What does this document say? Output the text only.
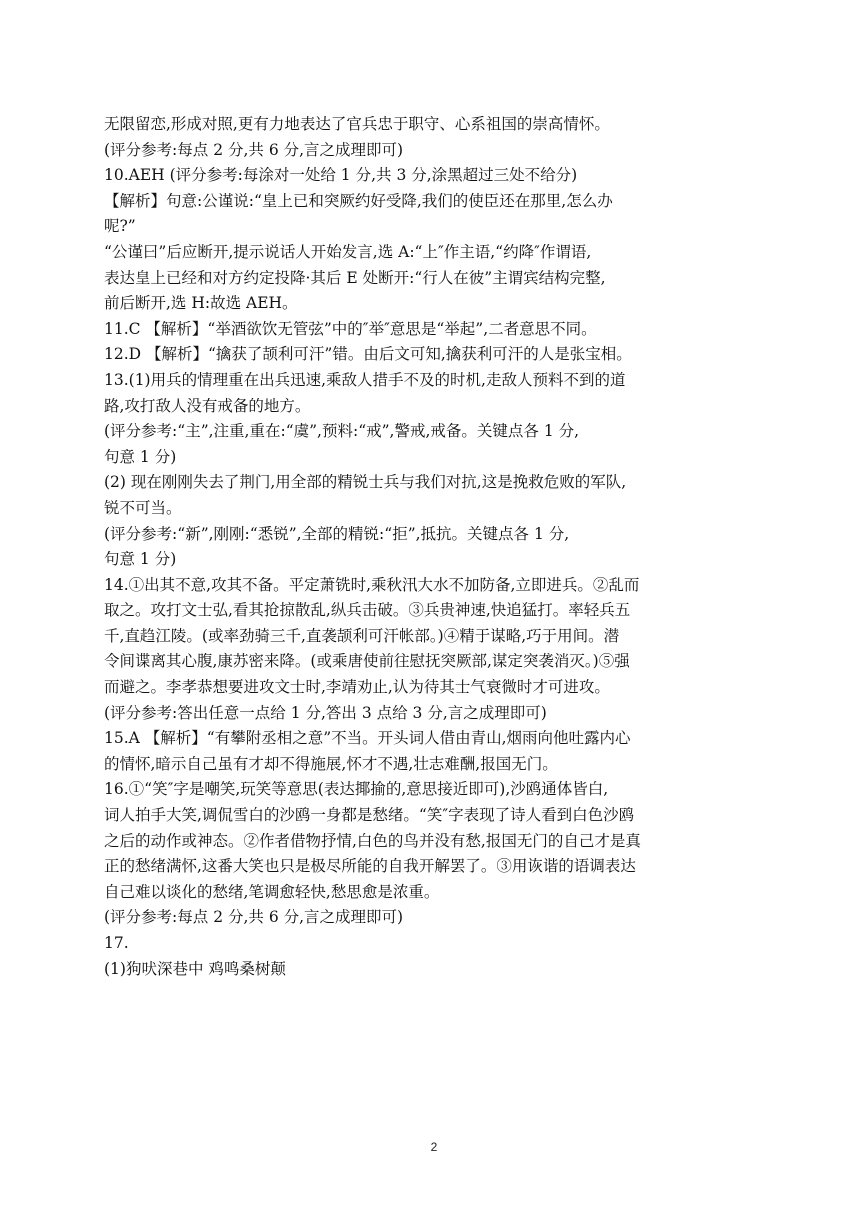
无限留恋,形成对照,更有力地表达了官兵忠于职守、心系祖国的崇高情怀。
(评分参考:每点 2 分,共 6 分,言之成理即可)
10.AEH (评分参考:每涂对一处给 1 分,共 3 分,涂黑超过三处不给分)
【解析】句意:公谨说:“皇上已和突厥约好受降,我们的使臣还在那里,怎么办
呢?”
“公谨曰”后应断开,提示说话人开始发言,选 A:“上″作主语,“约降″作谓语,
表达皇上已经和对方约定投降·其后 E 处断开:“行人在彼”主谓宾结构完整,
前后断开,选 H:故选 AEH。
11.C 【解析】“举酒欲饮无管弦”中的″举″意思是“举起”,二者意思不同。
12.D 【解析】“擒获了颉利可汗”错。由后文可知,擒获利可汗的人是张宝相。
13.(1)用兵的情理重在出兵迅速,乘敌人措手不及的时机,走敌人预料不到的道
路,攻打敌人没有戒备的地方。
(评分参考:“主”,注重,重在:“虞”,预料:“戒”,警戒,戒备。关键点各 1 分,
句意 1 分)
(2) 现在刚刚失去了荆门,用全部的精锐士兵与我们对抗,这是挽救危败的军队,
锐不可当。
(评分参考:“新”,刚刚:“悉锐”,全部的精锐:“拒”,抵抗。关键点各 1 分,
句意 1 分)
14.①出其不意,攻其不备。平定萧铣时,乘秋汛大水不加防备,立即进兵。②乱而
取之。攻打文士弘,看其抢掠散乱,纵兵击破。③兵贵神速,快追猛打。率轻兵五
千,直趋江陵。(或率劲骑三千,直袭颉利可汗帐部。)④精于谋略,巧于用间。潜
令间谍离其心腹,康苏密来降。(或乘唐使前往慰抚突厥部,谋定突袭消灭。)⑤强
而避之。李孝恭想要进攻文士时,李靖劝止,认为待其士气衰微时才可进攻。
(评分参考:答出任意一点给 1 分,答出 3 点给 3 分,言之成理即可)
15.A 【解析】“有攀附丞相之意”不当。开头词人借由青山,烟雨向他吐露内心
的情怀,暗示自己虽有才却不得施展,怀才不遇,壮志难酬,报国无门。
16.①“笑″字是嘲笑,玩笑等意思(表达揶揄的,意思接近即可),沙鸥通体皆白,
词人拍手大笑,调侃雪白的沙鸥一身都是愁绪。“笑″字表现了诗人看到白色沙鸥
之后的动作或神态。②作者借物抒情,白色的鸟并没有愁,报国无门的自己才是真
正的愁绪满怀,这番大笑也只是极尽所能的自我开解罢了。③用诙谐的语调表达
自己难以谈化的愁绪,笔调愈轻快,愁思愈是浓重。
(评分参考:每点 2 分,共 6 分,言之成理即可)
17.
(1)狗吠深巷中 鸡鸣桑树颠
2
